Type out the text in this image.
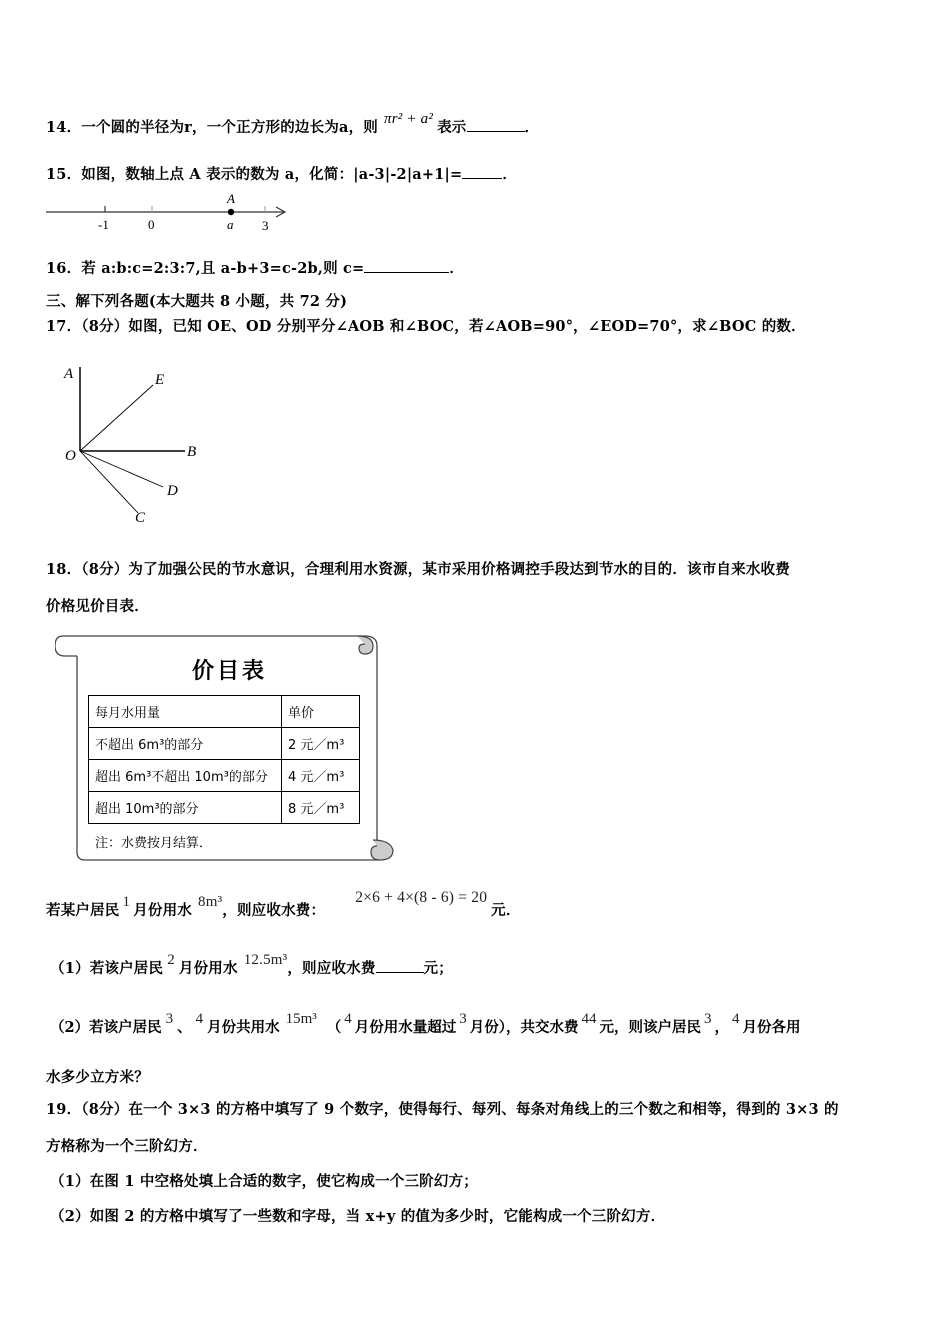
14．一个圆的半径为r，一个正方形的边长为a，则 πr² + a² 表示	．
15．如图，数轴上点 A 表示的数为 a，化简：|a-3|-2|a+1|=	．
-1	0	3
A
a
16．若 a:b:c=2:3:7,且 a-b+3=c-2b,则 c=	．
三、解下列各题(本大题共 8 小题，共 72 分)
17．（8分）如图，已知 OE、OD 分别平分∠AOB 和∠BOC，若∠AOB=90°，∠EOD=70°，求∠BOC 的数．
A	E
O	B
D
C
18．（8分）为了加强公民的节水意识，合理利用水资源，某市采用价格调控手段达到节水的目的．该市自来水收费
价格见价目表．
价目表
每月水用量	单价
不超出 6m³的部分	2 元／m³
超出 6m³不超出 10m³的部分	4 元／m³
超出 10m³的部分	8 元／m³
注：水费按月结算．
若某户居民 1 月份用水 8m³，则应收水费：2×6 + 4×(8 - 6) = 20元．
（1）若该户居民 2 月份用水 12.5m³，则应收水费	元；
（2）若该户居民 3 、 4 月份共用水 15m³ （ 4 月份用水量超过 3 月份），共交水费 44 元，则该户居民 3 ， 4 月份各用
水多少立方米？
19．（8分）在一个 3×3 的方格中填写了 9 个数字，使得每行、每列、每条对角线上的三个数之和相等，得到的 3×3 的
方格称为一个三阶幻方．
（1）在图 1 中空格处填上合适的数字，使它构成一个三阶幻方；
（2）如图 2 的方格中填写了一些数和字母，当 x+y 的值为多少时，它能构成一个三阶幻方．
